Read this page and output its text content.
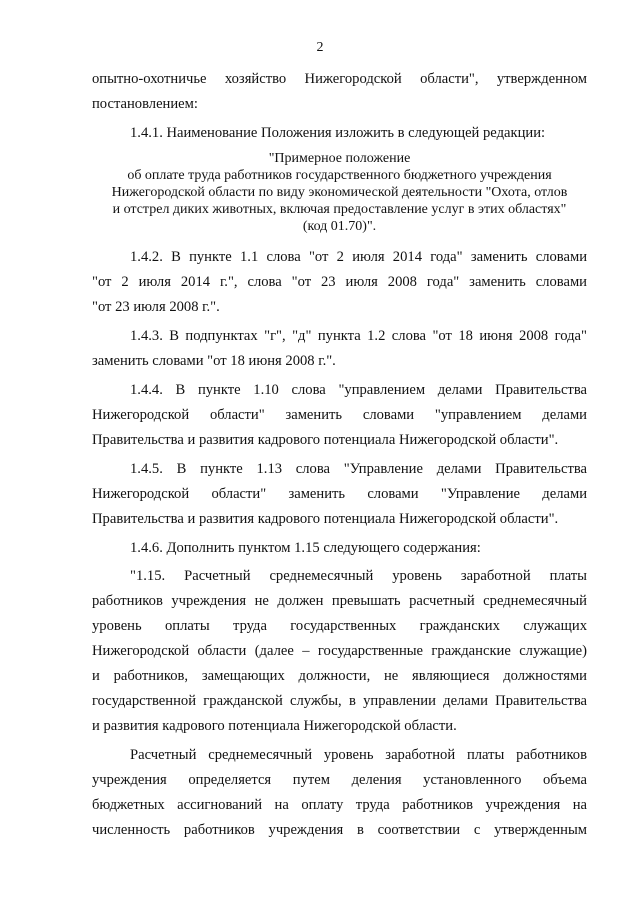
2
опытно-охотничье хозяйство Нижегородской области", утвержденном
постановлением:
1.4.1. Наименование Положения изложить в следующей редакции:
"Примерное положение
об оплате труда работников государственного бюджетного учреждения
Нижегородской области по виду экономической деятельности "Охота, отлов
и отстрел диких животных, включая предоставление услуг в этих областях"
(код 01.70)".
1.4.2. В пункте 1.1 слова "от 2 июля 2014 года" заменить словами
"от 2 июля 2014 г.", слова "от 23 июля 2008 года" заменить словами
"от 23 июля 2008 г.".
1.4.3. В подпунктах "г", "д" пункта 1.2 слова "от 18 июня 2008 года"
заменить словами "от 18 июня 2008 г.".
1.4.4. В пункте 1.10 слова "управлением делами Правительства
Нижегородской области" заменить словами "управлением делами
Правительства и развития кадрового потенциала Нижегородской области".
1.4.5. В пункте 1.13 слова "Управление делами Правительства
Нижегородской области" заменить словами "Управление делами
Правительства и развития кадрового потенциала Нижегородской области".
1.4.6. Дополнить пунктом 1.15 следующего содержания:
"1.15. Расчетный среднемесячный уровень заработной платы
работников учреждения не должен превышать расчетный среднемесячный
уровень оплаты труда государственных гражданских служащих
Нижегородской области (далее – государственные гражданские служащие)
и работников, замещающих должности, не являющиеся должностями
государственной гражданской службы, в управлении делами Правительства
и развития кадрового потенциала Нижегородской области.
Расчетный среднемесячный уровень заработной платы работников
учреждения определяется путем деления установленного объема
бюджетных ассигнований на оплату труда работников учреждения на
численность работников учреждения в соответствии с утвержденным
